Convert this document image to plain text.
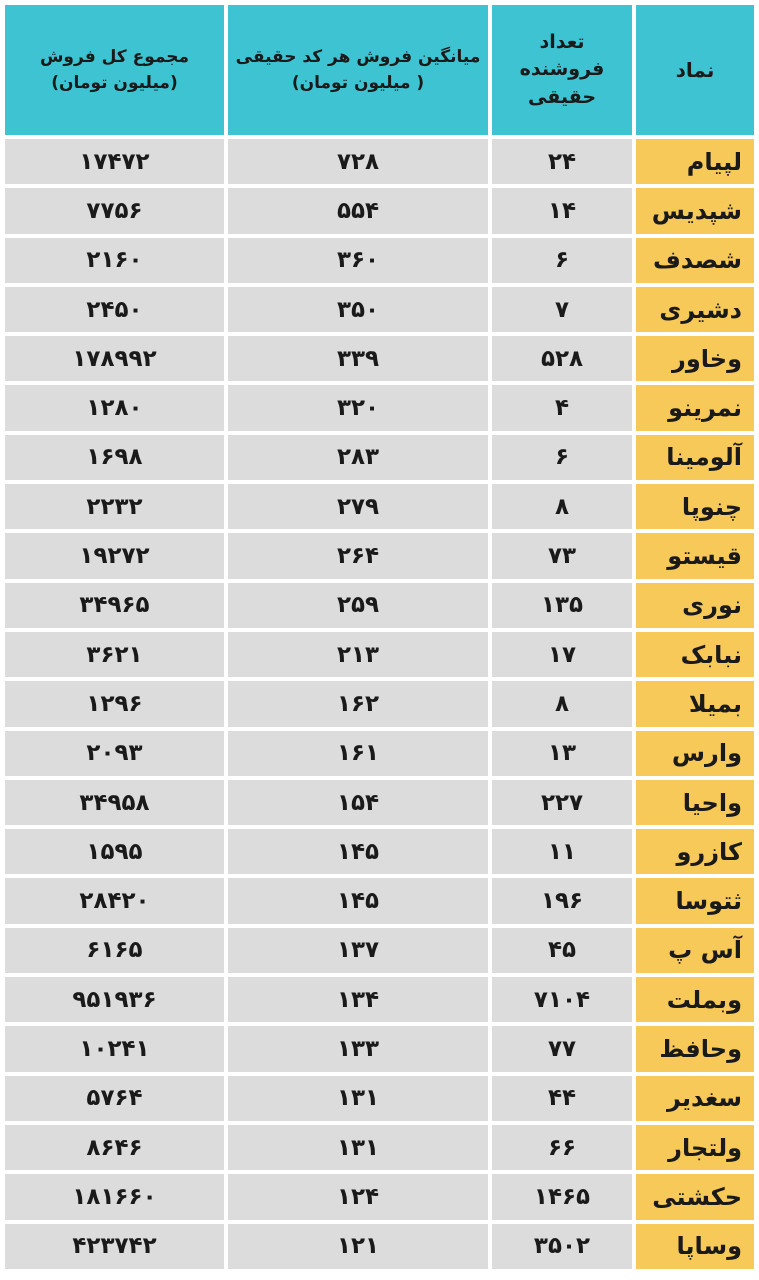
نماد
تعداد
فروشنده
حقیقی
میانگین فروش هر کد حقیقی
( میلیون تومان)
مجموع کل فروش
(میلیون تومان)
لپیام
۲۴
۷۲۸
۱۷۴۷۲
شپدیس
۱۴
۵۵۴
۷۷۵۶
شصدف
۶
۳۶۰
۲۱۶۰
دشیری
۷
۳۵۰
۲۴۵۰
وخاور
۵۲۸
۳۳۹
۱۷۸۹۹۲
نمرینو
۴
۳۲۰
۱۲۸۰
آلومینا
۶
۲۸۳
۱۶۹۸
چنوپا
۸
۲۷۹
۲۲۳۲
قیستو
۷۳
۲۶۴
۱۹۲۷۲
نوری
۱۳۵
۲۵۹
۳۴۹۶۵
نبابک
۱۷
۲۱۳
۳۶۲۱
بمیلا
۸
۱۶۲
۱۲۹۶
وارس
۱۳
۱۶۱
۲۰۹۳
واحیا
۲۲۷
۱۵۴
۳۴۹۵۸
کازرو
۱۱
۱۴۵
۱۵۹۵
ثتوسا
۱۹۶
۱۴۵
۲۸۴۲۰
آس پ
۴۵
۱۳۷
۶۱۶۵
وبملت
۷۱۰۴
۱۳۴
۹۵۱۹۳۶
وحافظ
۷۷
۱۳۳
۱۰۲۴۱
سغدیر
۴۴
۱۳۱
۵۷۶۴
ولتجار
۶۶
۱۳۱
۸۶۴۶
حکشتی
۱۴۶۵
۱۲۴
۱۸۱۶۶۰
وساپا
۳۵۰۲
۱۲۱
۴۲۳۷۴۲
